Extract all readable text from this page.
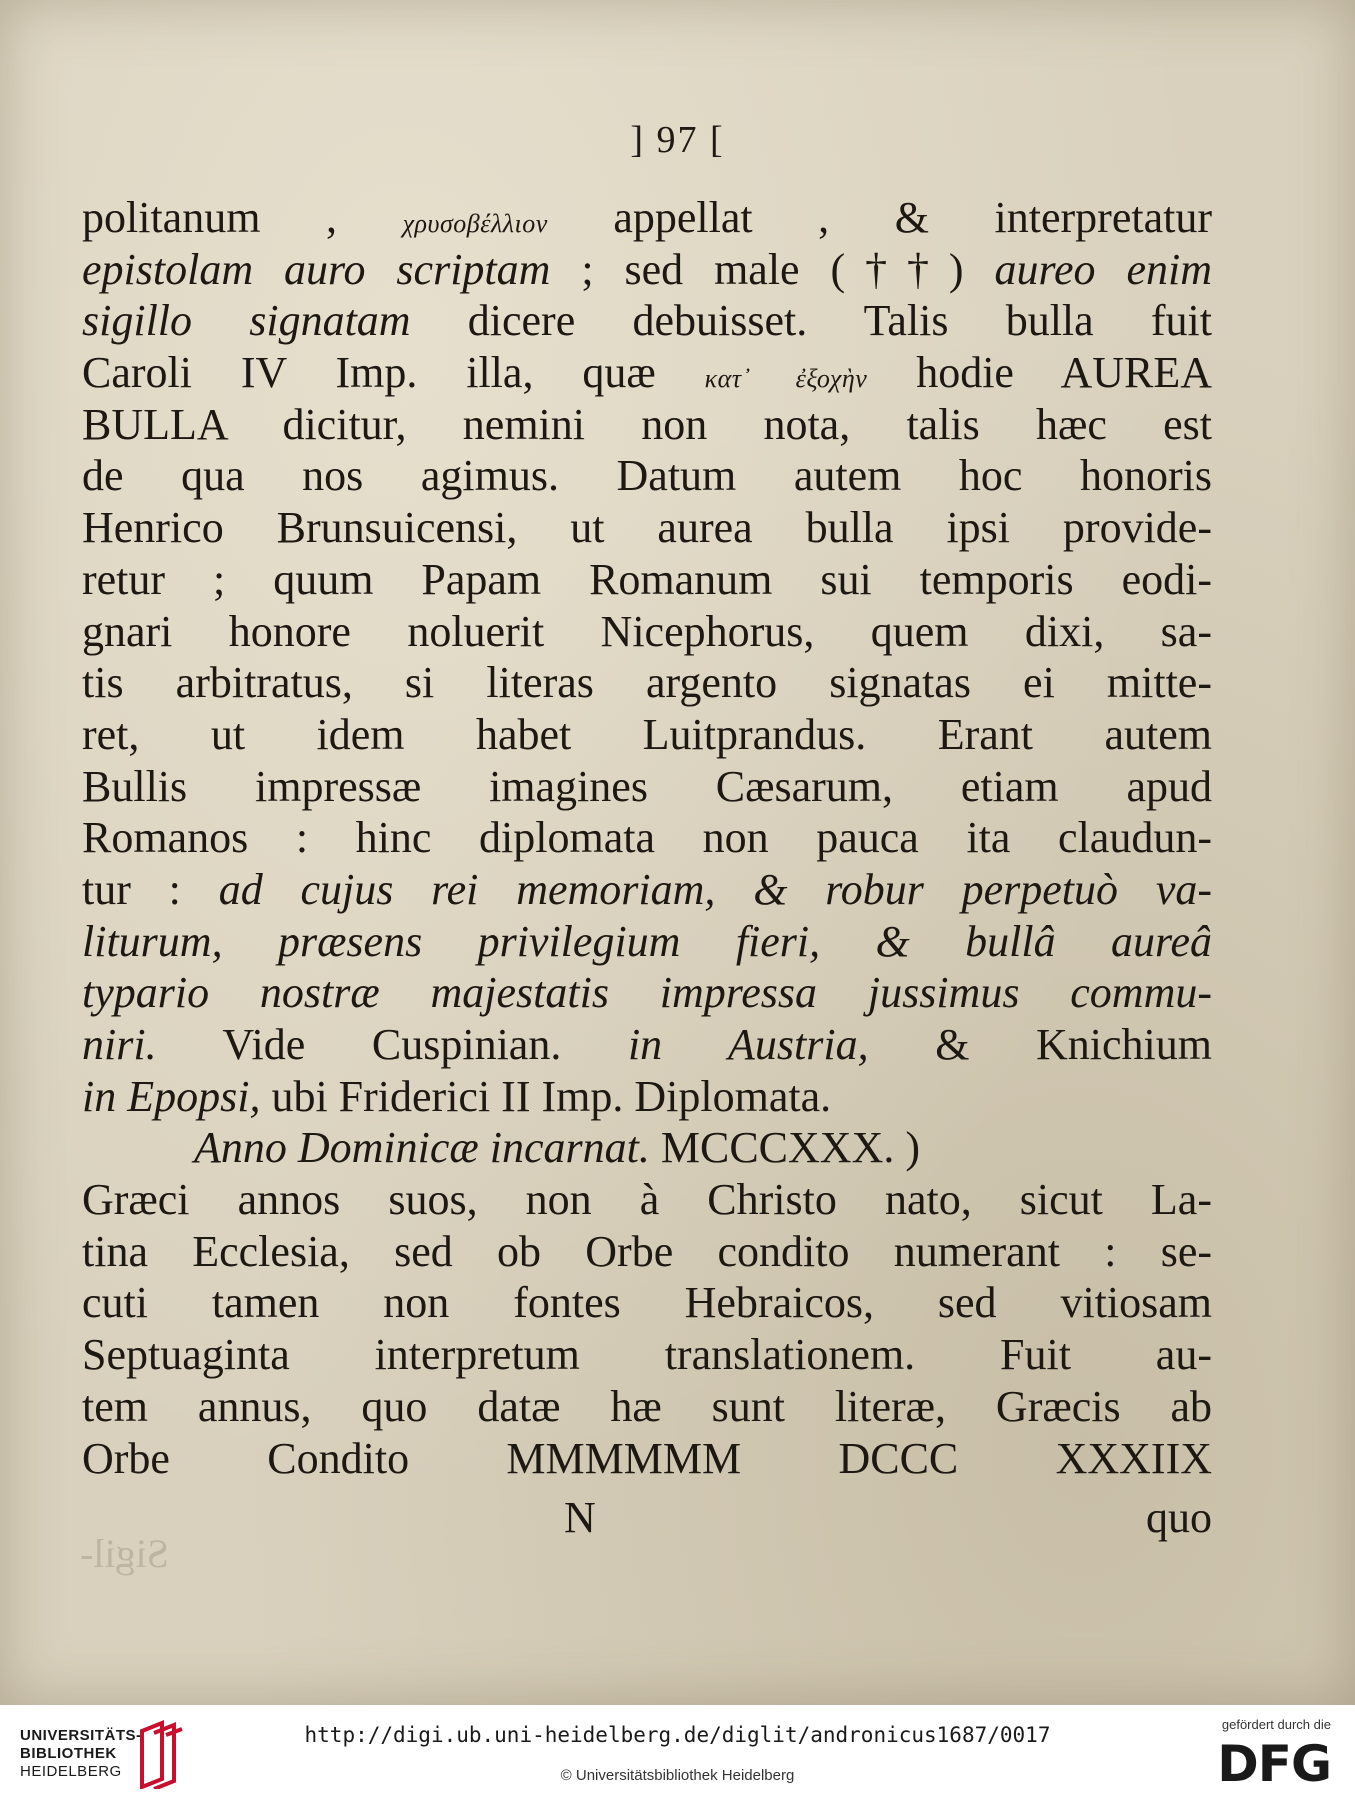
] 97 [
politanum , χρυσοβέλλιον appellat , & interpretatur
epistolam auro scriptam ; sed male (††) aureo enim
sigillo signatam dicere debuisset. Talis bulla fuit
Caroli IV Imp. illa, quæ κατ᾽ ἐξοχὴν hodie AUREA
BULLA dicitur, nemini non nota, talis hæc est
de qua nos agimus. Datum autem hoc honoris
Henrico Brunsuicensi, ut aurea bulla ipsi provide-
retur ; quum Papam Romanum sui temporis eodi-
gnari honore noluerit Nicephorus, quem dixi, sa-
tis arbitratus, si literas argento signatas ei mitte-
ret, ut idem habet Luitprandus. Erant autem
Bullis impressæ imagines Cæsarum, etiam apud
Romanos : hinc diplomata non pauca ita claudun-
tur : ad cujus rei memoriam, & robur perpetuò va-
liturum, præsens privilegium fieri, & bullâ aureâ
typario nostræ majestatis impressa jussimus commu-
niri. Vide Cuspinian. in Austria, & Knichium
in Epopsi, ubi Friderici II Imp. Diplomata.
Anno Dominicæ incarnat. MCCCXXX. )
Græci annos suos, non à Christo nato, sicut La-
tina Ecclesia, sed ob Orbe condito numerant : se-
cuti tamen non fontes Hebraicos, sed vitiosam
Septuaginta interpretum translationem. Fuit au-
tem annus, quo datæ hæ sunt literæ, Græcis ab
Orbe Condito MMMMMM DCCC XXXIIX
N	quo
Sigil-
UNIVERSITÄTS-
BIBLIOTHEK
HEIDELBERG
http://digi.ub.uni-heidelberg.de/diglit/andronicus1687/0017
© Universitätsbibliothek Heidelberg
gefördert durch die
DFG
